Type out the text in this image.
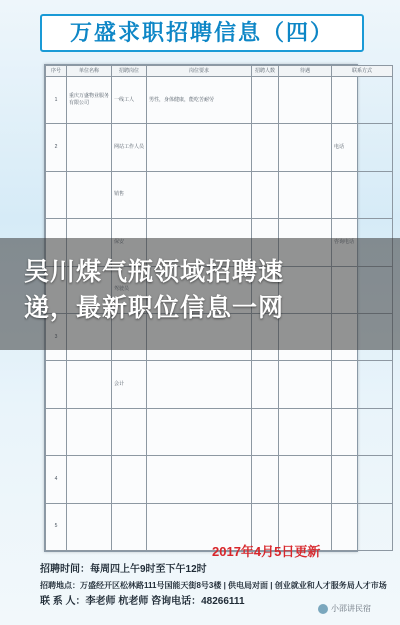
万盛求职招聘信息（四）
序号	单位名称	招聘岗位	岗位要求	招聘人数	待遇	联系方式
1	重庆万盛物业服务有限公司	一线工人	男性，身体健康，能吃苦耐劳			
2		网站工作人员				电话
		销售				

		会计				

4						
5						
2017年4月5日更新
招聘时间：每周四上午9时至下午12时
招聘地点：万盛经开区松林路111号国能天街8号3楼 | 供电局对面 | 创业就业和人才服务局人才市场
联 系 人：李老师 杭老师 咨询电话：48266111
吴川煤气瓶领域招聘速
递，最新职位信息一网
小邵讲民宿
